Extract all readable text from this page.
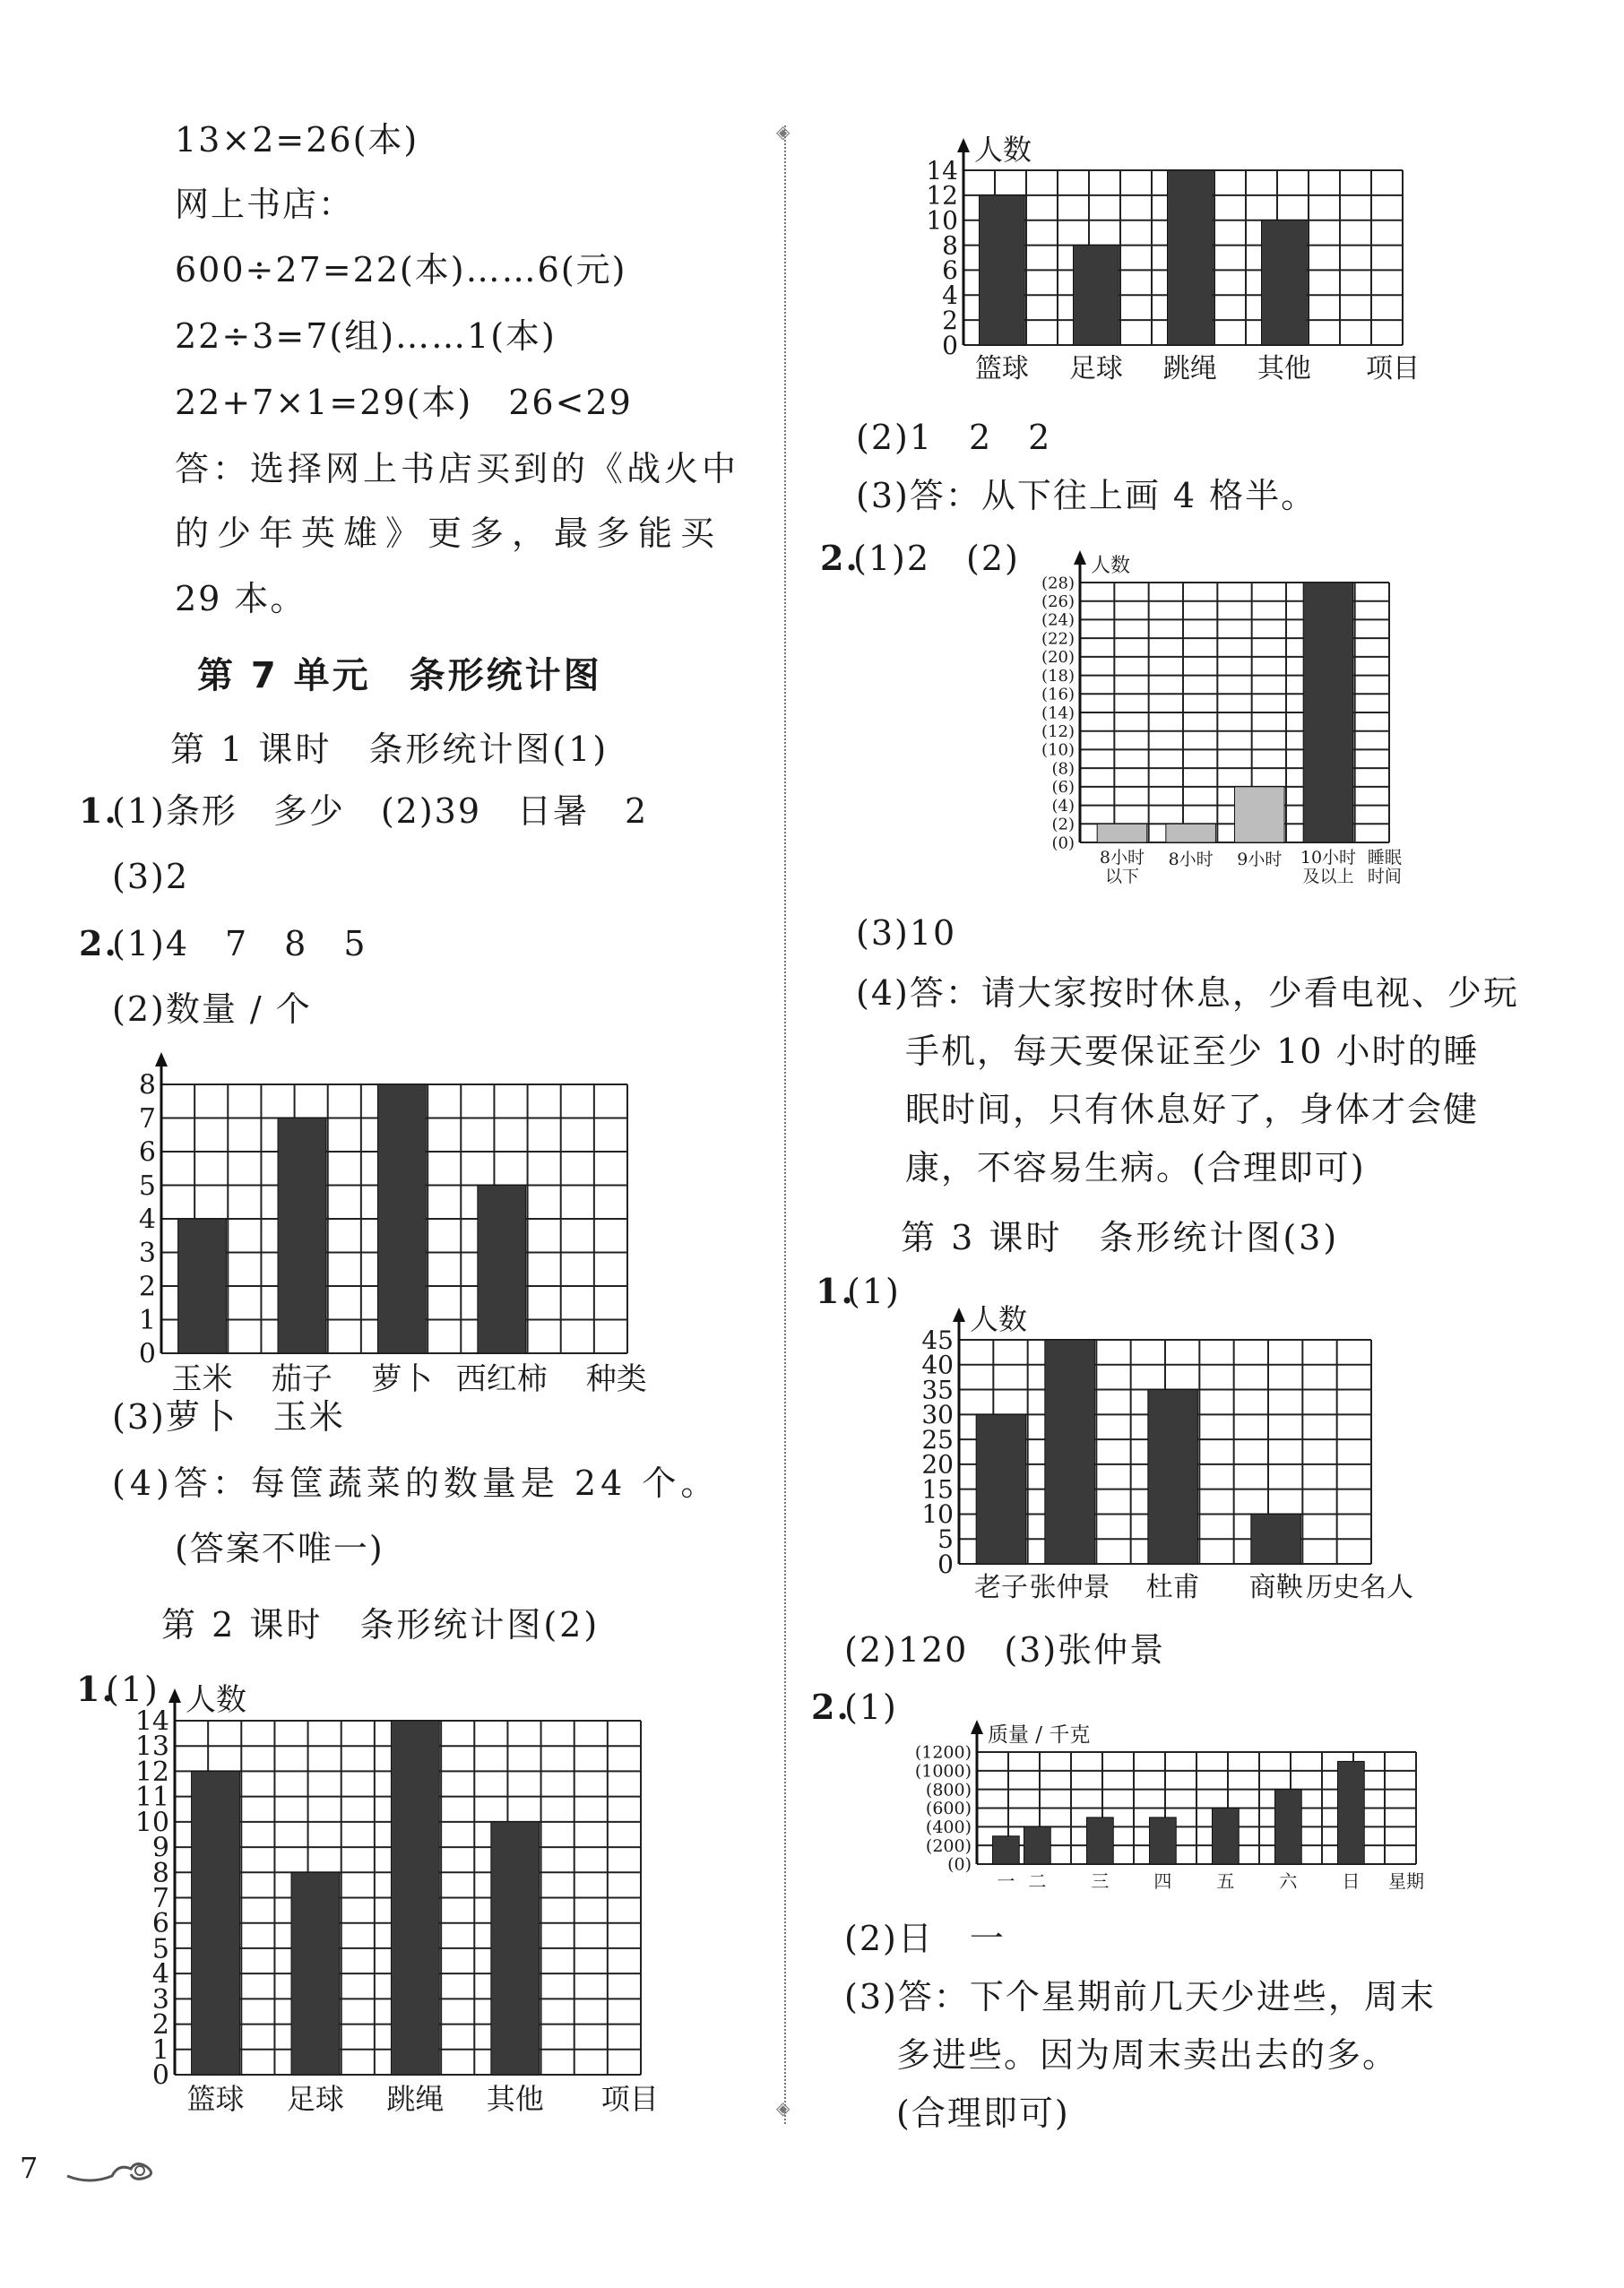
13×2=26(本)
网上书店：
600÷27=22(本)……6(元)
22÷3=7(组)……1(本)
22+7×1=29(本)　26<29
答：选择网上书店买到的《战火中
的少年英雄》更多，最多能买
29 本。
第 7 单元　条形统计图
第 1 课时　条形统计图(1)
1.
(1)条形　多少　(2)39　日暑　2
(3)2
2.
(1)4　7　8　5
(2)数量 / 个
0
1
2
3
4
5
6
7
8
玉米 茄子 萝卜 西红柿 种类
(3)萝卜　玉米
(4)答：每筐蔬菜的数量是 24 个。
(答案不唯一)
第 2 课时　条形统计图(2)
1.
(1)
0
1
2
3
4
5
6
7
8
9
10
11
12
13
14
人数
篮球 足球 跳绳 其他 项目
◈
◈
0
2
4
6
8
10
12
14
人数
篮球 足球 跳绳 其他 项目
(2)1　2　2
(3)答：从下往上画 4 格半。
2.
(1)2　(2)
(0)
(2)
(4)
(6)
(8)
(10)
(12)
(14)
(16)
(18)
(20)
(22)
(24)
(26)
(28)
人数
8小时
以下
8小时 9小时 10小时
及以上
睡眠
时间
(3)10
(4)答：请大家按时休息，少看电视、少玩
手机，每天要保证至少 10 小时的睡
眠时间，只有休息好了，身体才会健
康，不容易生病。(合理即可)
第 3 课时　条形统计图(3)
1.
(1)
0
5
10
15
20
25
30
35
40
45
人数
老子 张仲景 杜甫 商鞅 历史名人
(2)120　(3)张仲景
2.
(1)
(0)
(200)
(400)
(600)
(800)
(1000)
(1200)
质量 / 千克
一 二	三	四	五	六	日 星期
(2)日　一
(3)答：下个星期前几天少进些，周末
多进些。因为周末卖出去的多。
(合理即可)
7
